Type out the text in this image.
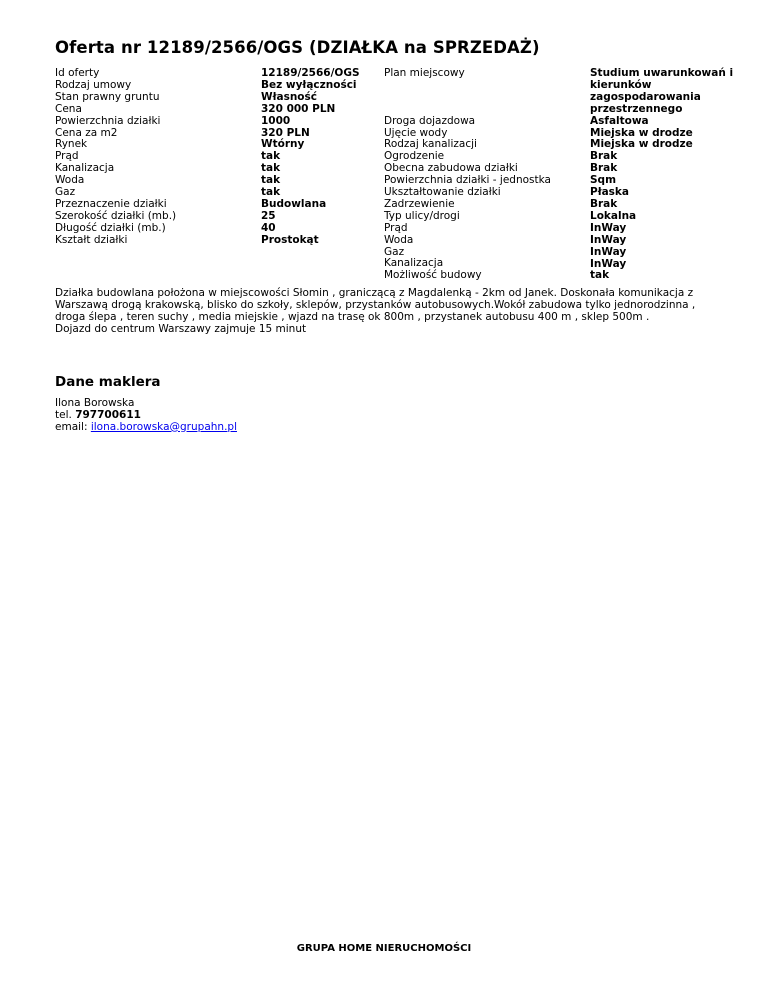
Oferta nr 12189/2566/OGS (DZIAŁKA na SPRZEDAŻ)
Id oferty
Rodzaj umowy
Stan prawny gruntu
Cena
Powierzchnia działki
Cena za m2
Rynek
Prąd
Kanalizacja
Woda
Gaz
Przeznaczenie działki
Szerokość działki (mb.)
Długość działki (mb.)
Kształt działki
12189/2566/OGS
Bez wyłączności
Własność
320 000 PLN
1000
320 PLN
Wtórny
tak
tak
tak
tak
Budowlana
25
40
Prostokąt
Plan miejscowy
Droga dojazdowa
Ujęcie wody
Rodzaj kanalizacji
Ogrodzenie
Obecna zabudowa działki
Powierzchnia działki - jednostka
Ukształtowanie działki
Zadrzewienie
Typ ulicy/drogi
Prąd
Woda
Gaz
Kanalizacja
Możliwość budowy
Studium uwarunkowań i
kierunków
zagospodarowania
przestrzennego
Asfaltowa
Miejska w drodze
Miejska w drodze
Brak
Brak
Sqm
Płaska
Brak
Lokalna
InWay
InWay
InWay
InWay
tak
Działka budowlana położona w miejscowości Słomin , graniczącą z Magdalenką - 2km od Janek. Doskonała komunikacja z
Warszawą drogą krakowską, blisko do szkoły, sklepów, przystanków autobusowych.Wokół zabudowa tylko jednorodzinna ,
droga ślepa , teren suchy , media miejskie , wjazd na trasę ok 800m , przystanek autobusu 400 m , sklep 500m .
Dojazd do centrum Warszawy zajmuje 15 minut
Dane maklera
Ilona Borowska
tel. 797700611
email: ilona.borowska@grupahn.pl
GRUPA HOME NIERUCHOMOŚCI
